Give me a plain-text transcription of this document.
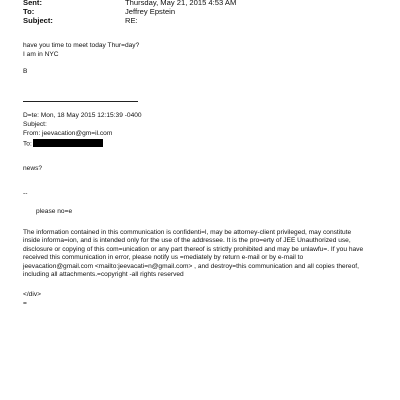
Sent:	Thursday, May 21, 2015 4:53 AM
To:	Jeffrey Epstein
Subject:	RE:
have you time to meet today Thur=day?
I am in NYC
B
D=te: Mon, 18 May 2015 12:15:39 -0400
Subject:
From: jeevacation@gm=il.com
To:
news?
--
please no=e
The information contained in this communication is confidenti=l, may be attorney-client privileged, may constitute
inside informa=ion, and is intended only for the use of the addressee. It is the pro=erty of JEE Unauthorized use,
disclosure or copying of this com=unication or any part thereof is strictly prohibited and may be unlawfu=. If you have
received this communication in error, please notify us =mediately by return e-mail or by e-mail to
jeevacation@gmail.com <mailto:jeevacati=n@gmail.com> , and destroy=this communication and all copies thereof,
including all attachments.=copyright -all rights reserved
</div>
=
